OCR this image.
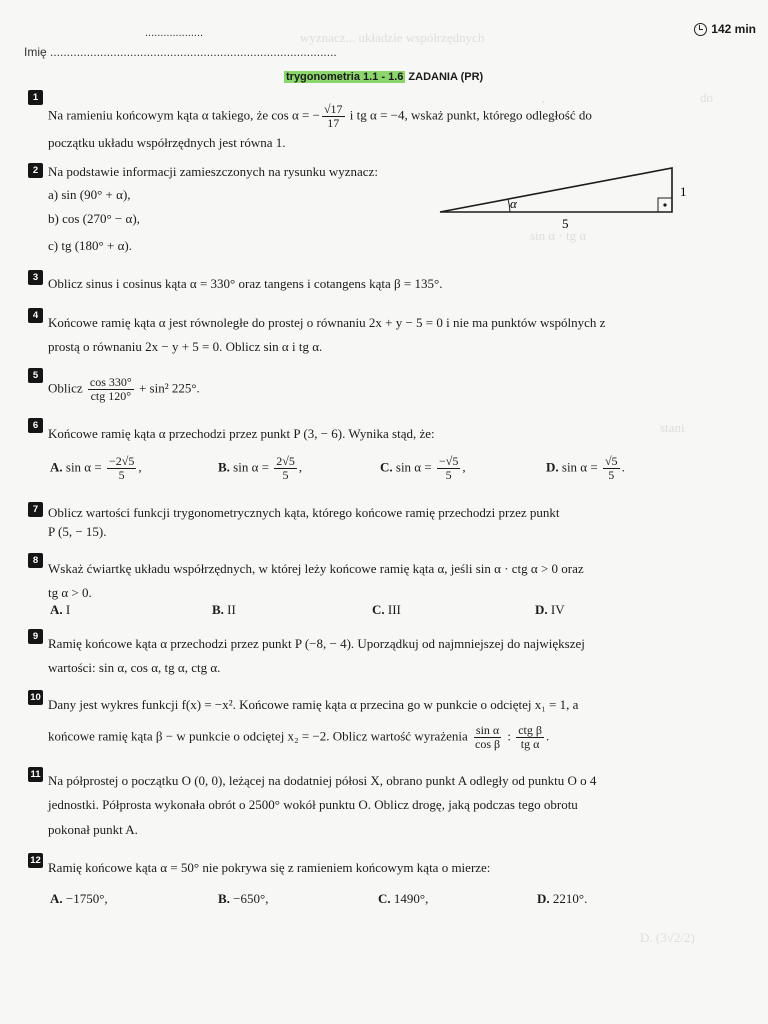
wyznacz... układzie współrzędnych
·	do
sin α · tg α
stani
D. (3√2/2)
...................
Imię ......................................................................................
142 min
trygonometria 1.1 - 1.6 ZADANIA (PR)
1
Na ramieniu końcowym kąta α takiego, że cos α = − $\frac{√17}{17}$ i tg α = −4, wskaż punkt, którego odległość do
początku układu współrzędnych jest równa 1.
2 Na podstawie informacji zamieszczonych na rysunku wyznacz:
a) sin (90° + α),
b) cos (270° − α),
c) tg (180° + α).
α
1
5
3 Oblicz sinus i cosinus kąta α = 330° oraz tangens i cotangens kąta β = 135°.
4 Końcowe ramię kąta α jest równoległe do prostej o równaniu 2x + y − 5 = 0 i nie ma punktów wspólnych z
prostą o równaniu 2x − y + 5 = 0. Oblicz sin α i tg α.
5
Oblicz $\frac{\cos 330^\circ}{\text{ctg 120°}} + \sin^2$ 225°.
6
Końcowe ramię kąta α przechodzi przez punkt P (3, − 6). Wynika stąd, że:
A. $\sin \alpha = \frac{-2√5}{5}$ ,	B. $\sin \alpha = \frac{2√5}{5}$ ,	C. $\sin \alpha = \frac{-√5}{5}$ ,	D. $\sin \alpha = \frac{√5}{5}$ .
7 Oblicz wartości funkcji trygonometrycznych kąta, którego końcowe ramię przechodzi przez punkt
P (5, − 15).
8
Wskaż ćwiartkę układu współrzędnych, w której leży końcowe ramię kąta α, jeśli sin α · ctg α > 0 oraz
tg α > 0.
A. I	B. II	C. III	D. IV
9 Ramię końcowe kąta α przechodzi przez punkt P (−8, − 4). Uporządkuj od najmniejszej do największej
wartości: sin α, cos α, tg α, ctg α.
10 Dany jest wykres funkcji f(x) = −x². Końcowe ramię kąta α przecina go w punkcie o odciętej x₁ = 1, a
końcowe ramię kąta β − w punkcie o odciętej x₂ = −2. Oblicz wartość wyrażenia $\frac{\text{sin α}}{\text{cos β}}$ : $\frac{\text{ctg β}}{\text{tg α}}$ .
11 Na półprostej o początku O (0, 0), leżącej na dodatniej półosi X, obrano punkt A odległy od punktu O o 4
jednostki. Półprosta wykonała obrót o 2500° wokół punktu O. Oblicz drogę, jaką podczas tego obrotu
pokonał punkt A.
12 Ramię końcowe kąta α = 50° nie pokrywa się z ramieniem końcowym kąta o mierze:
A. −1750°,	B. −650°,	C. 1490°,	D. 2210°.
